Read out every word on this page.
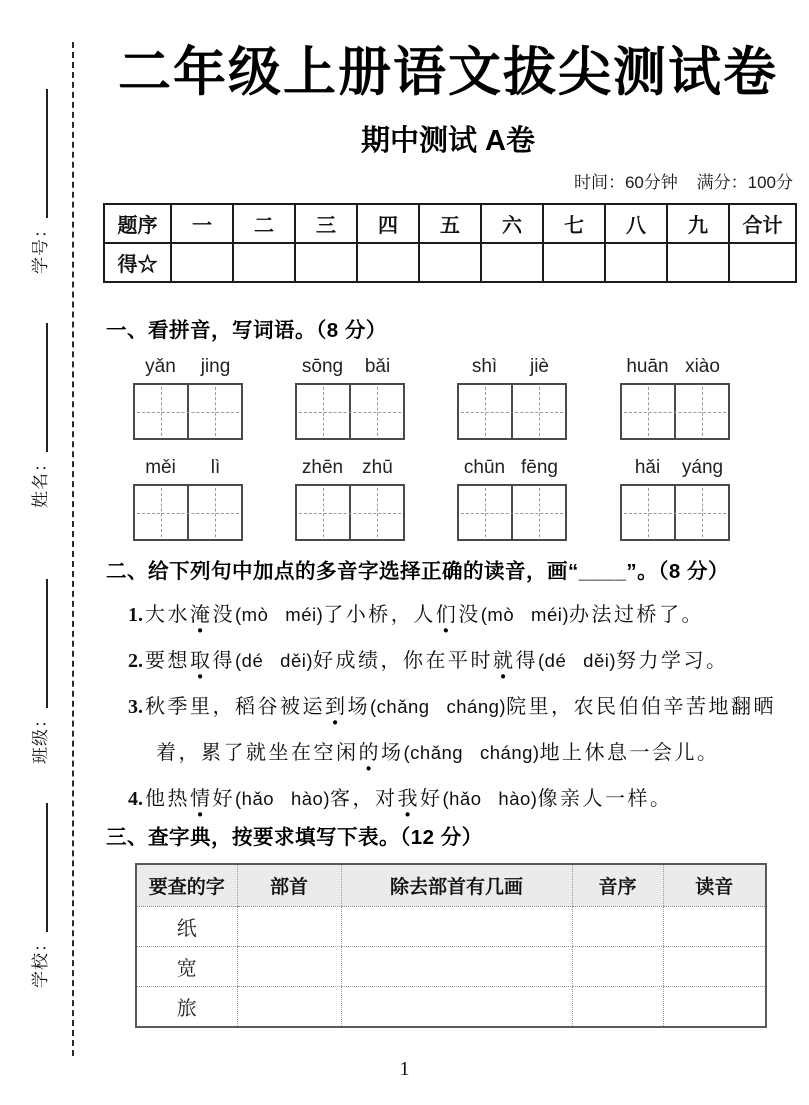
学号：
姓名：
班级：
学校：
二年级上册语文拔尖测试卷
期中测试 A卷
时间：60分钟 满分：100分
题序	一	二	三	四	五	六	七	八	九	合计
得☆										
一、看拼音，写词语。（8 分）
yǎn	jing	sōng	bǎi	shì	jiè	huān xiào
měi	lì	zhēn	zhū	chūn fēng	hǎi	yáng
二、给下列句中加点的多音字选择正确的读音，画“____”。（8 分）
1. 大水淹没(mò   méi)了小桥，人们没(mò   méi)办法过桥了。
2. 要想取得(dé   děi)好成绩，你在平时就得(dé   děi)努力学习。
3. 秋季里，稻谷被运到场(chǎng   cháng)院里，农民伯伯辛苦地翻晒
着，累了就坐在空闲的场(chǎng   cháng)地上休息一会儿。
4. 他热情好(hǎo   hào)客，对我好(hǎo   hào)像亲人一样。
三、查字典，按要求填写下表。（12 分）
要查的字	部首	除去部首有几画	音序	读音
纸				
宽				
旅				
1
